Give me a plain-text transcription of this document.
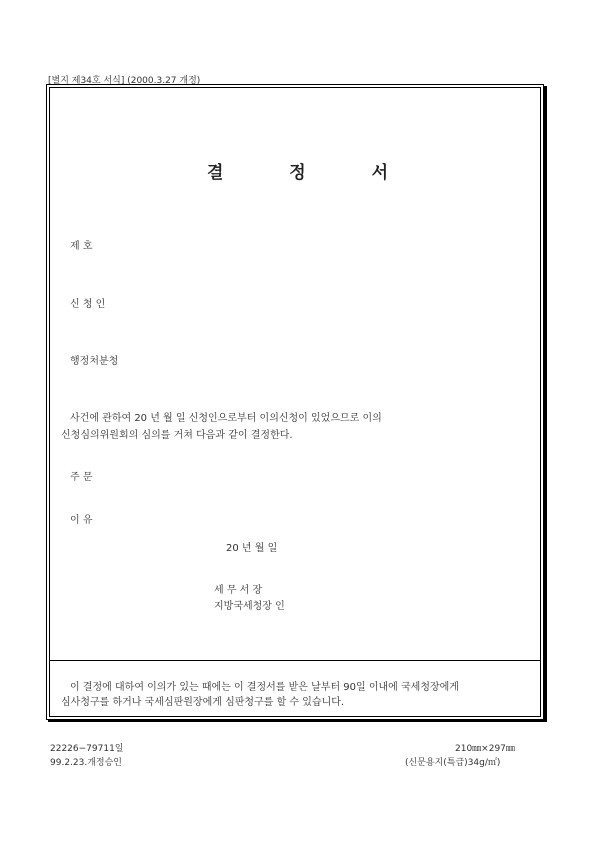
[별지 제34호 서식] (2000.3.27 개정)
결 정 서
제 호
신 청 인
행정처분청
사건에 관하여 20 년 월 일 신청인으로부터 이의신청이 있었으므로 이의
신청심의위원회의 심의를 거쳐 다음과 같이 결정한다.
주 문
이 유
20 년 월 일
세 무 서 장
지방국세청장 인
이 결정에 대하여 이의가 있는 때에는 이 결정서를 받은 날부터 90일 이내에 국세청장에게
심사청구를 하거나 국세심판원장에게 심판청구를 할 수 있습니다.
22226−79711일
99.2.23.개정승인
210㎜×297㎜
(신문용지(특급)34g/㎡)
